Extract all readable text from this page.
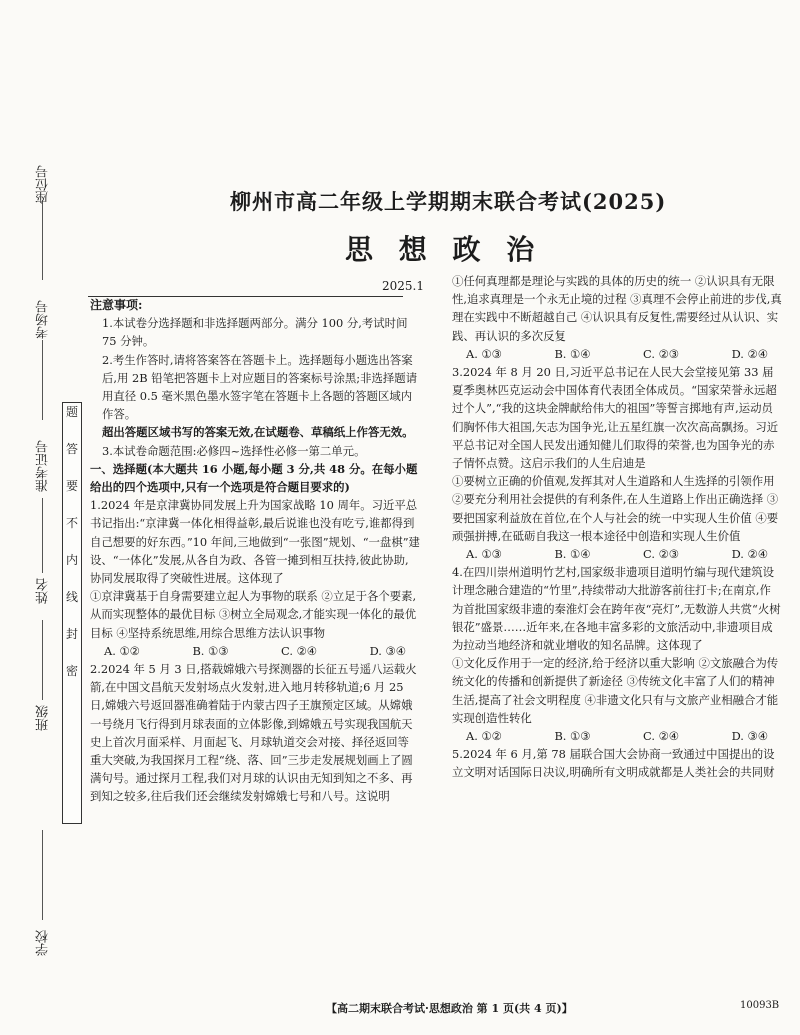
学校
班级
姓名
准考证号
考场号
座位号
题
答
要
不
内
线
封
密
柳州市高二年级上学期期末联合考试(2025)
思 想 政 治
2025.1

注意事项:

1.本试卷分选择题和非选择题两部分。满分 100 分,考试时间 75 分钟。

2.考生作答时,请将答案答在答题卡上。选择题每小题选出答案后,用 2B 铅笔把答题卡上对应题目的答案标号涂黑;非选择题请用直径 0.5 毫米黑色墨水签字笔在答题卡上各题的答题区域内作答。

超出答题区域书写的答案无效,在试题卷、草稿纸上作答无效。

3.本试卷命题范围:必修四~选择性必修一第二单元。

一、选择题(本大题共 16 小题,每小题 3 分,共 48 分。在每小题给出的四个选项中,只有一个选项是符合题目要求的)

1.2024 年是京津冀协同发展上升为国家战略 10 周年。习近平总书记指出:“京津冀一体化相得益彰,最后说谁也没有吃亏,谁都得到自己想要的好东西。”10 年间,三地做到“一张图”规划、“一盘棋”建设、“一体化”发展,从各自为政、各管一摊到相互扶持,彼此协助,协同发展取得了突破性进展。这体现了

①京津冀基于自身需要建立起人为事物的联系 ②立足于各个要素,从而实现整体的最优目标 ③树立全局观念,才能实现一体化的最优目标 ④坚持系统思维,用综合思维方法认识事物

A. ①②	B. ①③	C. ②④	D. ③④

2.2024 年 5 月 3 日,搭载嫦娥六号探测器的长征五号遥八运载火箭,在中国文昌航天发射场点火发射,进入地月转移轨道;6 月 25 日,嫦娥六号返回器准确着陆于内蒙古四子王旗预定区域。从嫦娥一号绕月飞行得到月球表面的立体影像,到嫦娥五号实现我国航天史上首次月面采样、月面起飞、月球轨道交会对接、择径返回等重大突破,为我国探月工程“绕、落、回”三步走发展规划画上了圆满句号。通过探月工程,我们对月球的认识由无知到知之不多、再到知之较多,往后我们还会继续发射嫦娥七号和八号。这说明

①任何真理都是理论与实践的具体的历史的统一 ②认识具有无限性,追求真理是一个永无止境的过程 ③真理不会停止前进的步伐,真理在实践中不断超越自己 ④认识具有反复性,需要经过从认识、实践、再认识的多次反复

A. ①③	B. ①④	C. ②③	D. ②④

3.2024 年 8 月 20 日,习近平总书记在人民大会堂接见第 33 届夏季奥林匹克运动会中国体育代表团全体成员。“国家荣誉永远超过个人”,“我的这块金牌献给伟大的祖国”等誓言掷地有声,运动员们胸怀伟大祖国,矢志为国争光,让五星红旗一次次高高飘扬。习近平总书记对全国人民发出通知健儿们取得的荣誉,也为国争光的赤子情怀点赞。这启示我们的人生启迪是

①要树立正确的价值观,发挥其对人生道路和人生选择的引领作用 ②要充分利用社会提供的有利条件,在人生道路上作出正确选择 ③要把国家利益放在首位,在个人与社会的统一中实现人生价值 ④要顽强拼搏,在砥砺自我这一根本途径中创造和实现人生价值

A. ①③	B. ①④	C. ②③	D. ②④

4.在四川崇州道明竹艺村,国家级非遗项目道明竹编与现代建筑设计理念融合建造的“竹里”,持续带动大批游客前往打卡;在南京,作为首批国家级非遗的秦淮灯会在跨年夜“亮灯”,无数游人共赏“火树银花”盛景……近年来,在各地丰富多彩的文旅活动中,非遗项目成为拉动当地经济和就业增收的知名品牌。这体现了

①文化反作用于一定的经济,给于经济以重大影响 ②文旅融合为传统文化的传播和创新提供了新途径 ③传统文化丰富了人们的精神生活,提高了社会文明程度 ④非遗文化只有与文旅产业相融合才能实现创造性转化

A. ①②	B. ①③	C. ②④	D. ③④

5.2024 年 6 月,第 78 届联合国大会协商一致通过中国提出的设立文明对话国际日决议,明确所有文明成就都是人类社会的共同财

【高二期末联合考试·思想政治 第 1 页(共 4 页)】	10093B
